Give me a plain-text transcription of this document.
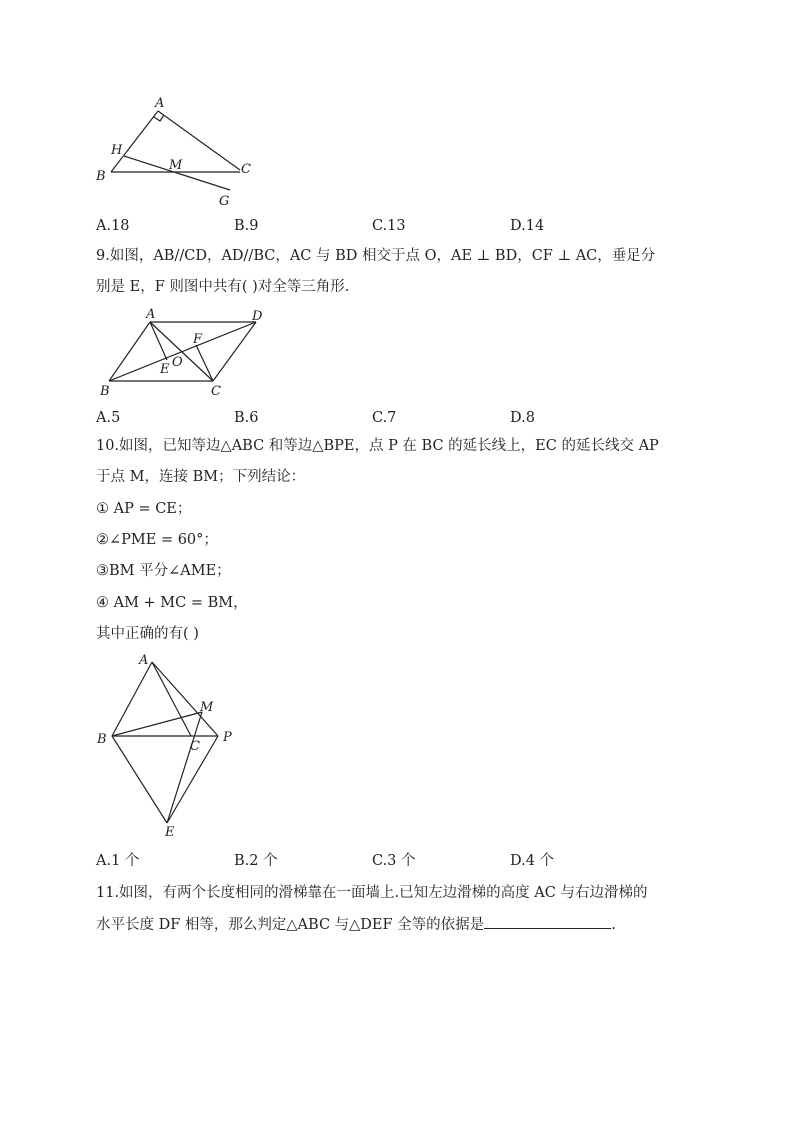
A
H
M	C
B
G
A.18	B.9	C.13	D.14
9.如图，AB//CD，AD//BC，AC 与 BD 相交于点 O，AE ⊥ BD，CF ⊥ AC，垂足分
别是 E，F 则图中共有( )对全等三角形.
A	D
F
O
E
B	C
A.5	B.6	C.7	D.8
10.如图，已知等边△ABC 和等边△BPE，点 P 在 BC 的延长线上，EC 的延长线交 AP
于点 M，连接 BM；下列结论：
① AP = CE；
②∠PME = 60°；
③BM 平分∠AME；
④ AM + MC = BM，
其中正确的有( )
A
M
B	C
P
E
A.1 个	B.2 个	C.3 个	D.4 个
11.如图，有两个长度相同的滑梯靠在一面墙上.已知左边滑梯的高度 AC 与右边滑梯的
水平长度 DF 相等，那么判定△ABC 与△DEF 全等的依据是	.
